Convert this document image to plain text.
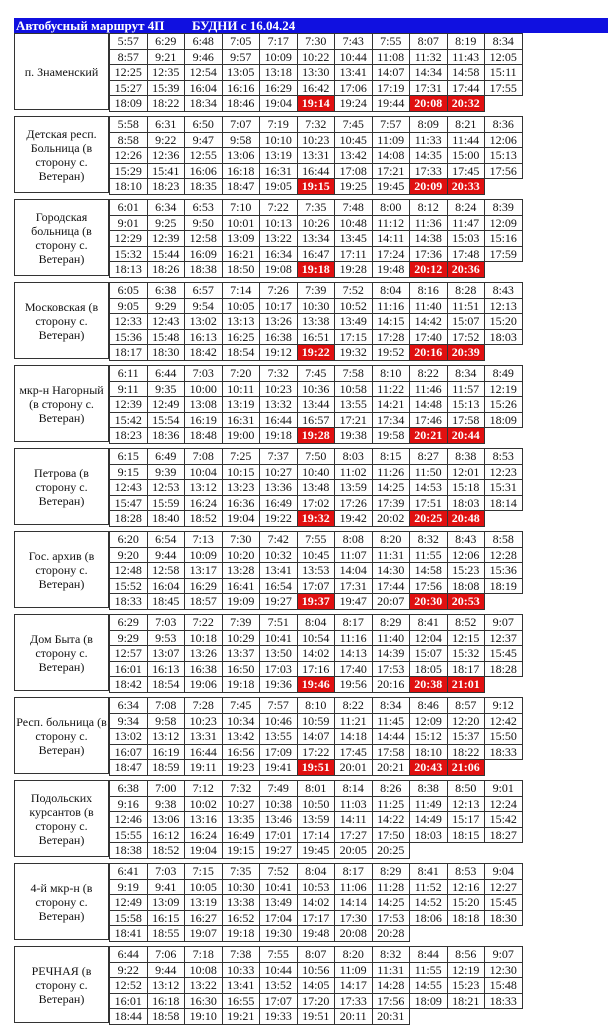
Автобусный маршрут 4П БУДНИ с 16.04.24
п. Знаменский
5:57	6:29	6:48	7:05	7:17	7:30	7:43	7:55	8:07	8:19	8:34
8:57	9:21	9:46	9:57	10:09	10:22	10:44	11:08	11:32	11:43	12:05
12:25	12:35	12:54	13:05	13:18	13:30	13:41	14:07	14:34	14:58	15:11
15:27	15:39	16:04	16:16	16:29	16:42	17:06	17:19	17:31	17:44	17:55
18:09	18:22	18:34	18:46	19:04	19:14	19:24	19:44	20:08	20:32	
Детская респ. Больница (в сторону с. Ветеран)
5:58	6:31	6:50	7:07	7:19	7:32	7:45	7:57	8:09	8:21	8:36
8:58	9:22	9:47	9:58	10:10	10:23	10:45	11:09	11:33	11:44	12:06
12:26	12:36	12:55	13:06	13:19	13:31	13:42	14:08	14:35	15:00	15:13
15:29	15:41	16:06	16:18	16:31	16:44	17:08	17:21	17:33	17:45	17:56
18:10	18:23	18:35	18:47	19:05	19:15	19:25	19:45	20:09	20:33	
Городская больница (в сторону с. Ветеран)
6:01	6:34	6:53	7:10	7:22	7:35	7:48	8:00	8:12	8:24	8:39
9:01	9:25	9:50	10:01	10:13	10:26	10:48	11:12	11:36	11:47	12:09
12:29	12:39	12:58	13:09	13:22	13:34	13:45	14:11	14:38	15:03	15:16
15:32	15:44	16:09	16:21	16:34	16:47	17:11	17:24	17:36	17:48	17:59
18:13	18:26	18:38	18:50	19:08	19:18	19:28	19:48	20:12	20:36	
Московская (в сторону с. Ветеран)
6:05	6:38	6:57	7:14	7:26	7:39	7:52	8:04	8:16	8:28	8:43
9:05	9:29	9:54	10:05	10:17	10:30	10:52	11:16	11:40	11:51	12:13
12:33	12:43	13:02	13:13	13:26	13:38	13:49	14:15	14:42	15:07	15:20
15:36	15:48	16:13	16:25	16:38	16:51	17:15	17:28	17:40	17:52	18:03
18:17	18:30	18:42	18:54	19:12	19:22	19:32	19:52	20:16	20:39	
мкр-н Нагорный (в сторону с. Ветеран)
6:11	6:44	7:03	7:20	7:32	7:45	7:58	8:10	8:22	8:34	8:49
9:11	9:35	10:00	10:11	10:23	10:36	10:58	11:22	11:46	11:57	12:19
12:39	12:49	13:08	13:19	13:32	13:44	13:55	14:21	14:48	15:13	15:26
15:42	15:54	16:19	16:31	16:44	16:57	17:21	17:34	17:46	17:58	18:09
18:23	18:36	18:48	19:00	19:18	19:28	19:38	19:58	20:21	20:44	
Петрова (в сторону с. Ветеран)
6:15	6:49	7:08	7:25	7:37	7:50	8:03	8:15	8:27	8:38	8:53
9:15	9:39	10:04	10:15	10:27	10:40	11:02	11:26	11:50	12:01	12:23
12:43	12:53	13:12	13:23	13:36	13:48	13:59	14:25	14:53	15:18	15:31
15:47	15:59	16:24	16:36	16:49	17:02	17:26	17:39	17:51	18:03	18:14
18:28	18:40	18:52	19:04	19:22	19:32	19:42	20:02	20:25	20:48	
Гос. архив (в сторону с. Ветеран)
6:20	6:54	7:13	7:30	7:42	7:55	8:08	8:20	8:32	8:43	8:58
9:20	9:44	10:09	10:20	10:32	10:45	11:07	11:31	11:55	12:06	12:28
12:48	12:58	13:17	13:28	13:41	13:53	14:04	14:30	14:58	15:23	15:36
15:52	16:04	16:29	16:41	16:54	17:07	17:31	17:44	17:56	18:08	18:19
18:33	18:45	18:57	19:09	19:27	19:37	19:47	20:07	20:30	20:53	
Дом Быта (в сторону с. Ветеран)
6:29	7:03	7:22	7:39	7:51	8:04	8:17	8:29	8:41	8:52	9:07
9:29	9:53	10:18	10:29	10:41	10:54	11:16	11:40	12:04	12:15	12:37
12:57	13:07	13:26	13:37	13:50	14:02	14:13	14:39	15:07	15:32	15:45
16:01	16:13	16:38	16:50	17:03	17:16	17:40	17:53	18:05	18:17	18:28
18:42	18:54	19:06	19:18	19:36	19:46	19:56	20:16	20:38	21:01	
Респ. больница (в сторону с. Ветеран)
6:34	7:08	7:28	7:45	7:57	8:10	8:22	8:34	8:46	8:57	9:12
9:34	9:58	10:23	10:34	10:46	10:59	11:21	11:45	12:09	12:20	12:42
13:02	13:12	13:31	13:42	13:55	14:07	14:18	14:44	15:12	15:37	15:50
16:07	16:19	16:44	16:56	17:09	17:22	17:45	17:58	18:10	18:22	18:33
18:47	18:59	19:11	19:23	19:41	19:51	20:01	20:21	20:43	21:06	
Подольских курсантов (в сторону с. Ветеран)
6:38	7:00	7:12	7:32	7:49	8:01	8:14	8:26	8:38	8:50	9:01
9:16	9:38	10:02	10:27	10:38	10:50	11:03	11:25	11:49	12:13	12:24
12:46	13:06	13:16	13:35	13:46	13:59	14:11	14:22	14:49	15:17	15:42
15:55	16:12	16:24	16:49	17:01	17:14	17:27	17:50	18:03	18:15	18:27
18:38	18:52	19:04	19:15	19:27	19:45	20:05	20:25			
4-й мкр-н (в сторону с. Ветеран)
6:41	7:03	7:15	7:35	7:52	8:04	8:17	8:29	8:41	8:53	9:04
9:19	9:41	10:05	10:30	10:41	10:53	11:06	11:28	11:52	12:16	12:27
12:49	13:09	13:19	13:38	13:49	14:02	14:14	14:25	14:52	15:20	15:45
15:58	16:15	16:27	16:52	17:04	17:17	17:30	17:53	18:06	18:18	18:30
18:41	18:55	19:07	19:18	19:30	19:48	20:08	20:28			
РЕЧНАЯ (в сторону с. Ветеран)
6:44	7:06	7:18	7:38	7:55	8:07	8:20	8:32	8:44	8:56	9:07
9:22	9:44	10:08	10:33	10:44	10:56	11:09	11:31	11:55	12:19	12:30
12:52	13:12	13:22	13:41	13:52	14:05	14:17	14:28	14:55	15:23	15:48
16:01	16:18	16:30	16:55	17:07	17:20	17:33	17:56	18:09	18:21	18:33
18:44	18:58	19:10	19:21	19:33	19:51	20:11	20:31			
